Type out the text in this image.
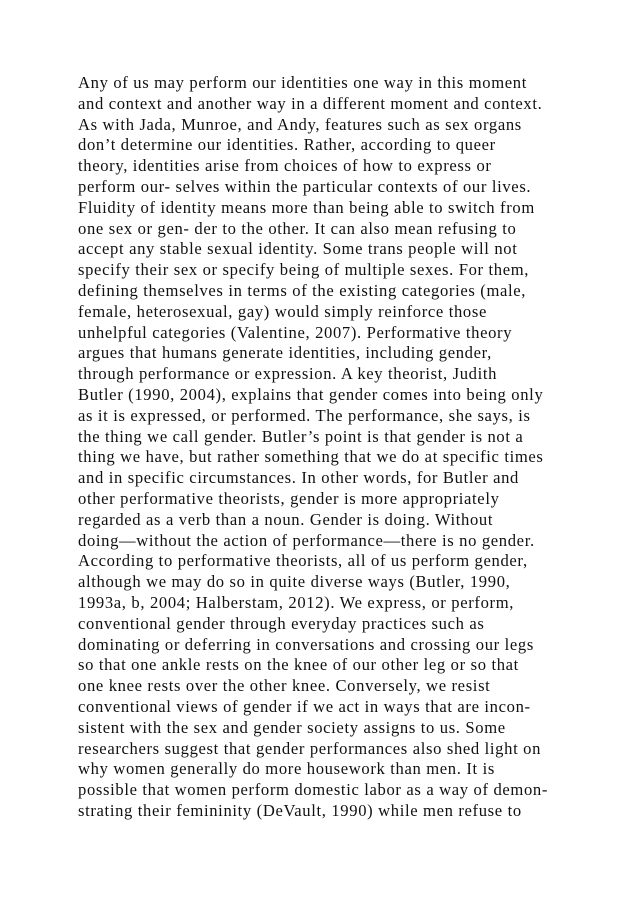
Any of us may perform our identities one way in this moment
and context and another way in a different moment and context.
As with Jada, Munroe, and Andy, features such as sex organs
don’t determine our identities. Rather, according to queer
theory, identities arise from choices of how to express or
perform our- selves within the particular contexts of our lives.
Fluidity of identity means more than being able to switch from
one sex or gen- der to the other. It can also mean refusing to
accept any stable sexual identity. Some trans people will not
specify their sex or specify being of multiple sexes. For them,
defining themselves in terms of the existing categories (male,
female, heterosexual, gay) would simply reinforce those
unhelpful categories (Valentine, 2007). Performative theory
argues that humans generate identities, including gender,
through performance or expression. A key theorist, Judith
Butler (1990, 2004), explains that gender comes into being only
as it is expressed, or performed. The performance, she says, is
the thing we call gender. Butler’s point is that gender is not a
thing we have, but rather something that we do at specific times
and in specific circumstances. In other words, for Butler and
other performative theorists, gender is more appropriately
regarded as a verb than a noun. Gender is doing. Without
doing—without the action of performance—there is no gender.
According to performative theorists, all of us perform gender,
although we may do so in quite diverse ways (Butler, 1990,
1993a, b, 2004; Halberstam, 2012). We express, or perform,
conventional gender through everyday practices such as
dominating or deferring in conversations and crossing our legs
so that one ankle rests on the knee of our other leg or so that
one knee rests over the other knee. Conversely, we resist
conventional views of gender if we act in ways that are incon-
sistent with the sex and gender society assigns to us. Some
researchers suggest that gender performances also shed light on
why women generally do more housework than men. It is
possible that women perform domestic labor as a way of demon-
strating their femininity (DeVault, 1990) while men refuse to
